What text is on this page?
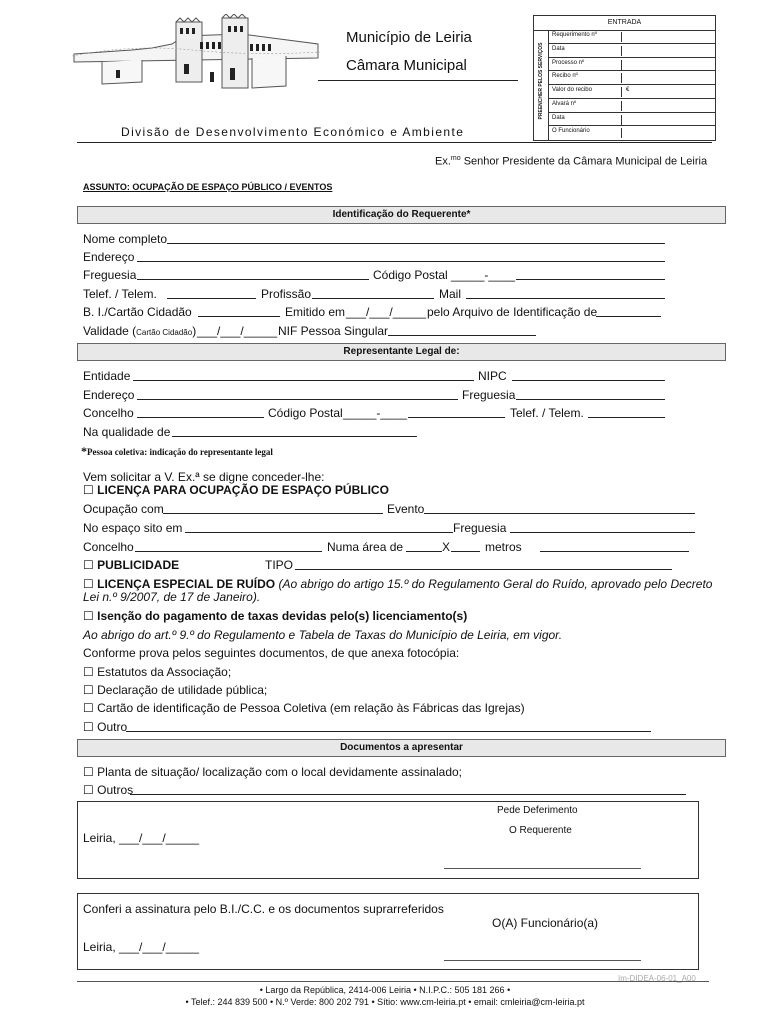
Município de Leiria
Câmara Municipal
Divisão de Desenvolvimento Económico e Ambiente
ENTRADA
PREENCHER PELOS SERVIÇOS
Requerimento nº
Data
Processo nº
Recibo nº
Valor do recibo	€
Alvará nº
Data
O Funcionário
Ex.$^{mo}$ Senhor Presidente da Câmara Municipal de Leiria
ASSUNTO: OCUPAÇÃO DE ESPAÇO PÚBLICO / EVENTOS
Identificação do Requerente*
Nome completo
Endereço
Freguesia	Código Postal _____-____
Telef. / Telem.	Profissão	Mail
B. I./Cartão Cidadão	Emitido em ___/___/_____ pelo Arquivo de Identificação de
Validade (Cartão Cidadão) ___/___/_____ NIF Pessoa Singular
Representante Legal de:
Entidade	NIPC
Endereço	Freguesia
Concelho	Código Postal _____-____	Telef. / Telem.
Na qualidade de
*Pessoa coletiva: indicação do representante legal
Vem solicitar a V. Ex.ª se digne conceder-lhe:
☐ LICENÇA PARA OCUPAÇÃO DE ESPAÇO PÚBLICO
Ocupação com	Evento
No espaço sito em	Freguesia
Concelho	Numa área de	X	metros
☐ PUBLICIDADE	TIPO
☐ LICENÇA ESPECIAL DE RUÍDO (Ao abrigo do artigo 15.º do Regulamento Geral do Ruído, aprovado pelo Decreto
Lei n.º 9/2007, de 17 de Janeiro).
☐ Isenção do pagamento de taxas devidas pelo(s) licenciamento(s)
Ao abrigo do art.º 9.º do Regulamento e Tabela de Taxas do Município de Leiria, em vigor.
Conforme prova pelos seguintes documentos, de que anexa fotocópia:
☐ Estatutos da Associação;
☐ Declaração de utilidade pública;
☐ Cartão de identificação de Pessoa Coletiva (em relação às Fábricas das Igrejas)
☐ Outro
Documentos a apresentar
☐ Planta de situação/ localização com o local devidamente assinalado;
☐ Outros
Pede Deferimento
O Requerente
Leiria, ___/___/_____
Conferi a assinatura pelo B.I./C.C. e os documentos suprarreferidos
O(A) Funcionário(a)
Leiria, ___/___/_____
Im-DIDEA-06-01_A00
• Largo da República, 2414-006 Leiria • N.I.P.C.: 505 181 266 •
• Telef.: 244 839 500 • N.º Verde: 800 202 791 • Sítio: www.cm-leiria.pt • email: cmleiria@cm-leiria.pt
